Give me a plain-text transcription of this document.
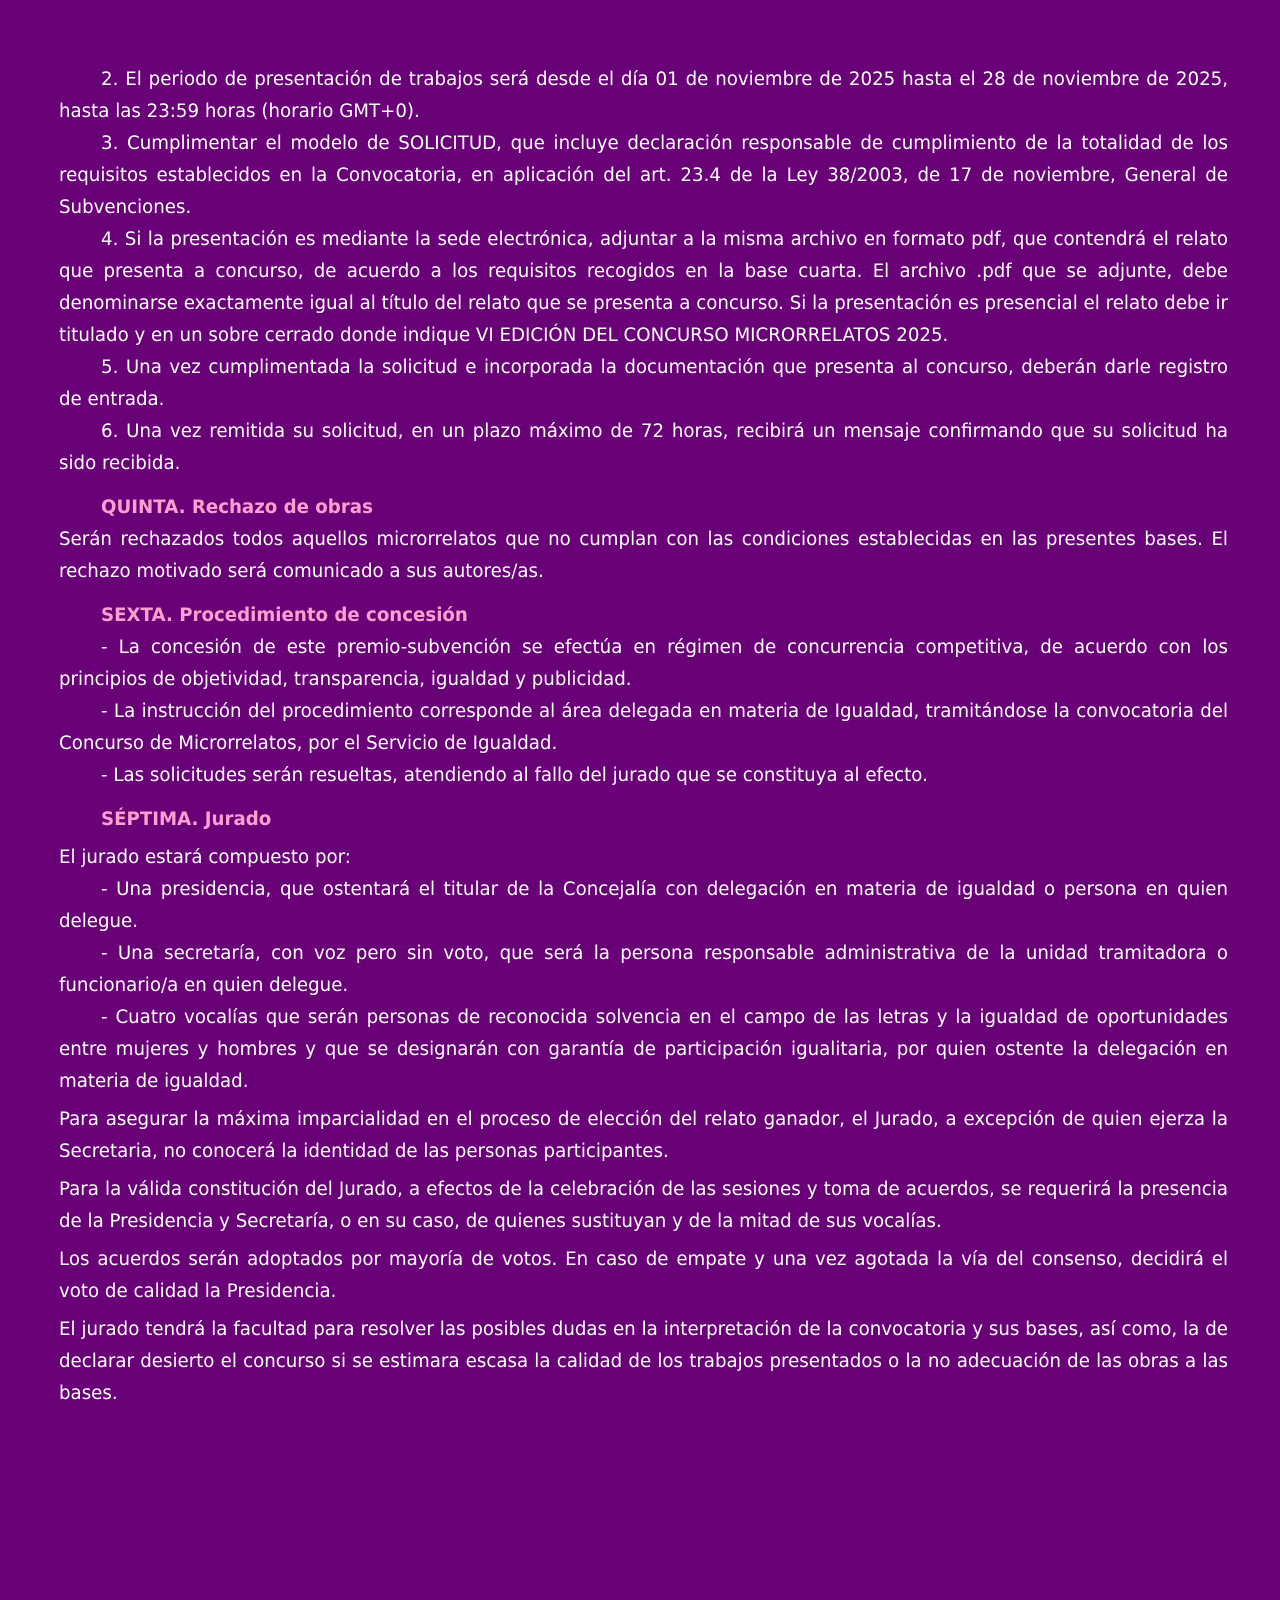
2. El periodo de presentación de trabajos será desde el día 01 de noviembre de 2025 hasta el 28 de noviembre de 2025, hasta las 23:59 horas (horario GMT+0).

3. Cumplimentar el modelo de SOLICITUD, que incluye declaración responsable de cumplimiento de la totalidad de los requisitos establecidos en la Convocatoria, en aplicación del art. 23.4 de la Ley 38/2003, de 17 de noviembre, General de Subvenciones.

4. Si la presentación es mediante la sede electrónica, adjuntar a la misma archivo en formato pdf, que contendrá el relato que presenta a concurso, de acuerdo a los requisitos recogidos en la base cuarta. El archivo .pdf que se adjunte, debe denominarse exactamente igual al título del relato que se presenta a concurso. Si la presentación es presencial el relato debe ir titulado y en un sobre cerrado donde indique VI EDICIÓN DEL CONCURSO MICRORRELATOS 2025.

5. Una vez cumplimentada la solicitud e incorporada la documentación que presenta al concurso, deberán darle registro de entrada.

6. Una vez remitida su solicitud, en un plazo máximo de 72 horas, recibirá un mensaje confirmando que su solicitud ha sido recibida.

QUINTA. Rechazo de obras

Serán rechazados todos aquellos microrrelatos que no cumplan con las condiciones establecidas en las presentes bases. El rechazo motivado será comunicado a sus autores/as.

SEXTA. Procedimiento de concesión

- La concesión de este premio-subvención se efectúa en régimen de concurrencia competitiva, de acuerdo con los principios de objetividad, transparencia, igualdad y publicidad.

- La instrucción del procedimiento corresponde al área delegada en materia de Igualdad, tramitándose la convocatoria del Concurso de Microrrelatos, por el Servicio de Igualdad.

- Las solicitudes serán resueltas, atendiendo al fallo del jurado que se constituya al efecto.

SÉPTIMA. Jurado

El jurado estará compuesto por:

- Una presidencia, que ostentará el titular de la Concejalía con delegación en materia de igualdad o persona en quien delegue.

- Una secretaría, con voz pero sin voto, que será la persona responsable administrativa de la unidad tramitadora o funcionario/a en quien delegue.

- Cuatro vocalías que serán personas de reconocida solvencia en el campo de las letras y la igualdad de oportunidades entre mujeres y hombres y que se designarán con garantía de participación igualitaria, por quien ostente la delegación en materia de igualdad.

Para asegurar la máxima imparcialidad en el proceso de elección del relato ganador, el Jurado, a excepción de quien ejerza la Secretaria, no conocerá la identidad de las personas participantes.

Para la válida constitución del Jurado, a efectos de la celebración de las sesiones y toma de acuerdos, se requerirá la presencia de la Presidencia y Secretaría, o en su caso, de quienes sustituyan y de la mitad de sus vocalías.

Los acuerdos serán adoptados por mayoría de votos. En caso de empate y una vez agotada la vía del consenso, decidirá el voto de calidad la Presidencia.

El jurado tendrá la facultad para resolver las posibles dudas en la interpretación de la convocatoria y sus bases, así como, la de declarar desierto el concurso si se estimara escasa la calidad de los trabajos presentados o la no adecuación de las obras a las bases.
